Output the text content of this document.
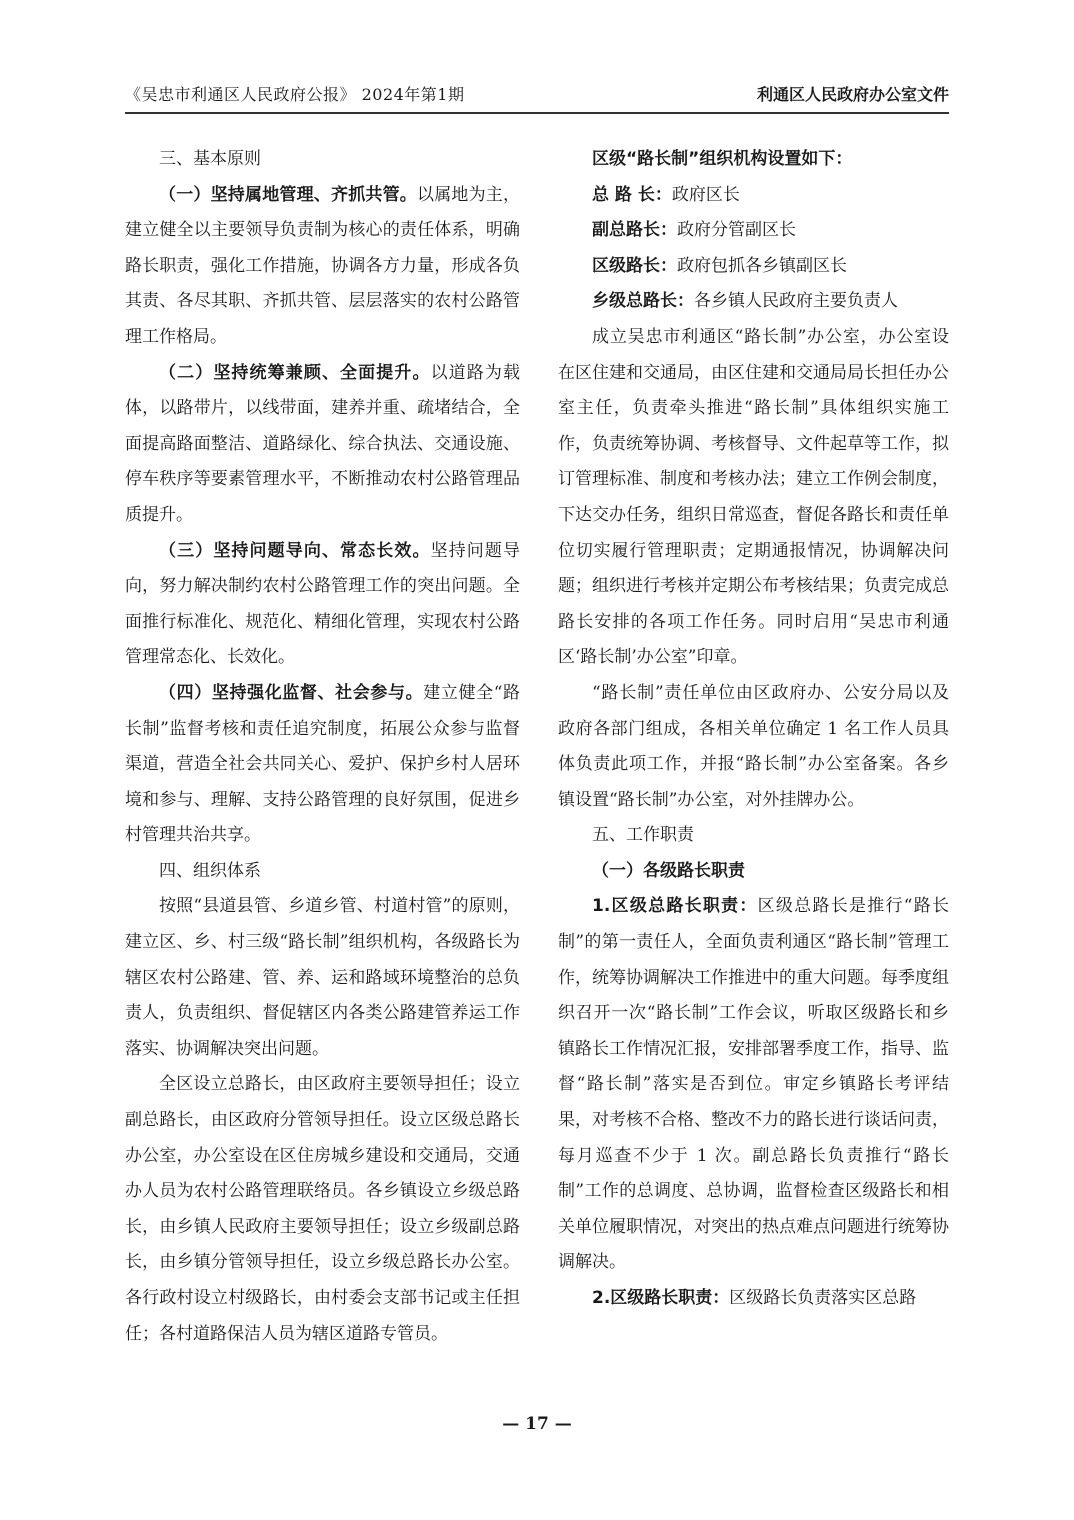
《吴忠市利通区人民政府公报》 2024年第1期	利通区人民政府办公室文件

三、基本原则

（一）坚持属地管理、齐抓共管。以属地为主，建立健全以主要领导负责制为核心的责任体系，明确路长职责，强化工作措施，协调各方力量，形成各负其责、各尽其职、齐抓共管、层层落实的农村公路管理工作格局。

（二）坚持统筹兼顾、全面提升。以道路为载体，以路带片，以线带面，建养并重、疏堵结合，全面提高路面整洁、道路绿化、综合执法、交通设施、停车秩序等要素管理水平，不断推动农村公路管理品质提升。

（三）坚持问题导向、常态长效。坚持问题导向，努力解决制约农村公路管理工作的突出问题。全面推行标准化、规范化、精细化管理，实现农村公路管理常态化、长效化。

（四）坚持强化监督、社会参与。建立健全“路长制”监督考核和责任追究制度，拓展公众参与监督渠道，营造全社会共同关心、爱护、保护乡村人居环境和参与、理解、支持公路管理的良好氛围，促进乡村管理共治共享。

四、组织体系

按照“县道县管、乡道乡管、村道村管”的原则，建立区、乡、村三级“路长制”组织机构，各级路长为辖区农村公路建、管、养、运和路域环境整治的总负责人，负责组织、督促辖区内各类公路建管养运工作落实、协调解决突出问题。

全区设立总路长，由区政府主要领导担任；设立副总路长，由区政府分管领导担任。设立区级总路长办公室，办公室设在区住房城乡建设和交通局，交通办人员为农村公路管理联络员。各乡镇设立乡级总路长，由乡镇人民政府主要领导担任；设立乡级副总路长，由乡镇分管领导担任，设立乡级总路长办公室。各行政村设立村级路长，由村委会支部书记或主任担任；各村道路保洁人员为辖区道路专管员。

区级“路长制”组织机构设置如下：

总 路 长：政府区长

副总路长：政府分管副区长

区级路长：政府包抓各乡镇副区长

乡级总路长：各乡镇人民政府主要负责人

成立吴忠市利通区“路长制”办公室，办公室设在区住建和交通局，由区住建和交通局局长担任办公室主任，负责牵头推进“路长制”具体组织实施工作，负责统筹协调、考核督导、文件起草等工作，拟订管理标准、制度和考核办法；建立工作例会制度，下达交办任务，组织日常巡查，督促各路长和责任单位切实履行管理职责；定期通报情况，协调解决问题；组织进行考核并定期公布考核结果；负责完成总路长安排的各项工作任务。同时启用“吴忠市利通区‘路长制’办公室”印章。

“路长制”责任单位由区政府办、公安分局以及政府各部门组成，各相关单位确定 1 名工作人员具体负责此项工作，并报“路长制”办公室备案。各乡镇设置“路长制”办公室，对外挂牌办公。

五、工作职责

（一）各级路长职责

1.区级总路长职责：区级总路长是推行“路长制”的第一责任人，全面负责利通区“路长制”管理工作，统筹协调解决工作推进中的重大问题。每季度组织召开一次“路长制”工作会议，听取区级路长和乡镇路长工作情况汇报，安排部署季度工作，指导、监督“路长制”落实是否到位。审定乡镇路长考评结果，对考核不合格、整改不力的路长进行谈话问责，每月巡查不少于 1 次。副总路长负责推行“路长制”工作的总调度、总协调，监督检查区级路长和相关单位履职情况，对突出的热点难点问题进行统筹协调解决。

2.区级路长职责：区级路长负责落实区总路

— 17 —
